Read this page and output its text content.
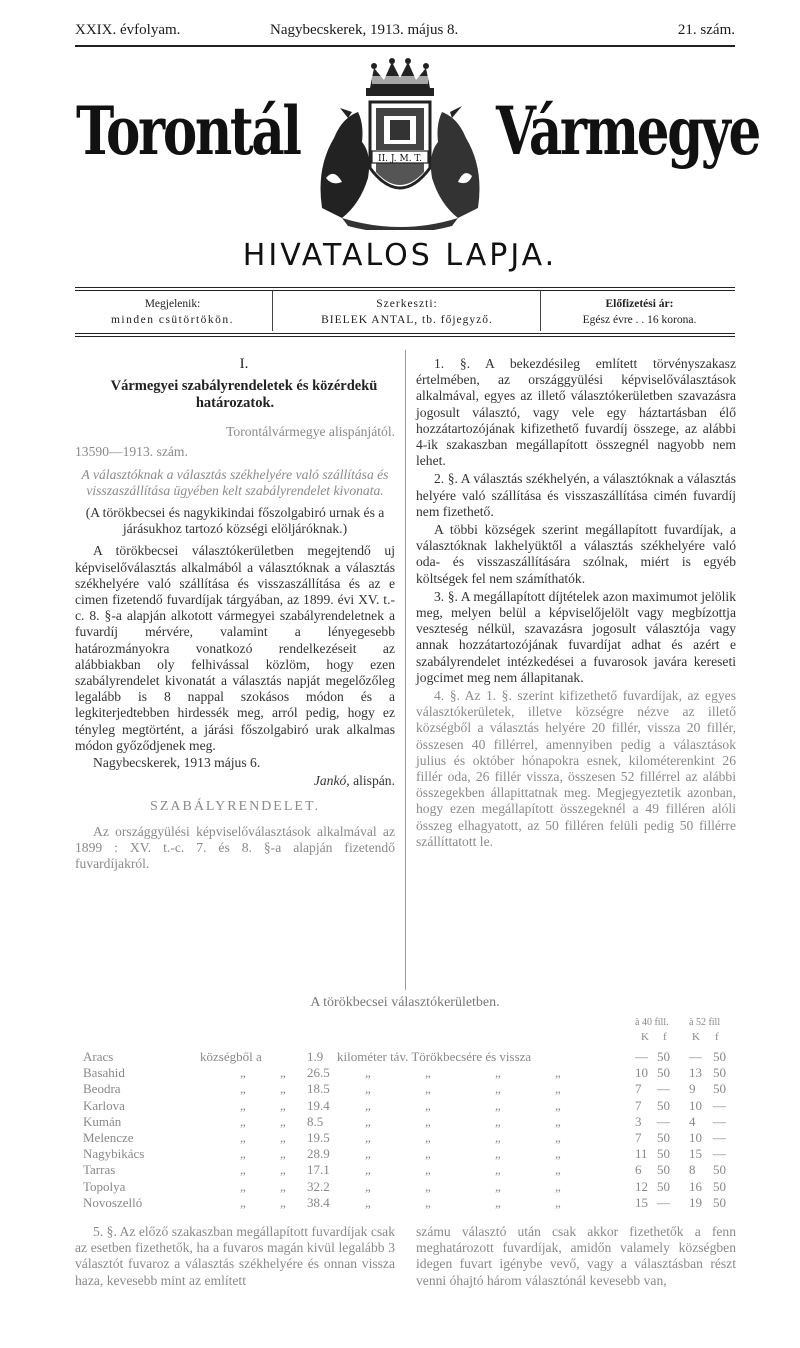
XXIX. évfolyam.	Nagybecskerek, 1913. május 8.	21. szám.
Torontál	Vármegye
II. J. M. T.
HIVATALOS LAPJA.
Megjelenik:
minden csütörtökön.
Szerkeszti:
BIELEK ANTAL, tb. főjegyző.
Előfizetési ár:
Egész évre . . 16 korona.

I.

Vármegyei szabályrendeletek és közérdekü határozatok.

Torontálvármegye alispánjától.

13590—1913. szám.

A választóknak a választás székhelyére való szállítása és visszaszállítása ügyében kelt szabályrendelet kivonata.

(A törökbecsei és nagykikindai főszolgabiró urnak és a járásukhoz tartozó községi elöljáróknak.)

A törökbecsei választókerületben megejtendő uj képviselőválasztás alkalmából a választóknak a választás székhelyére való szállítása és visszaszállítása és az e cimen fizetendő fuvardíjak tárgyában, az 1899. évi XV. t.-c. 8. §-a alapján alkotott vármegyei szabályrendeletnek a fuvardíj mérvére, valamint a lényegesebb határozmányokra vonatkozó rendelkezéseit az alábbiakban oly felhivással közlöm, hogy ezen szabályrendelet kivonatát a választás napját megelőzőleg legalább is 8 nappal szokásos módon és a legkiterjedtebben hirdessék meg, arról pedig, hogy ez tényleg megtörtént, a járási főszolgabiró urak alkalmas módon győződjenek meg.

Nagybecskerek, 1913 május 6.

Jankó, alispán.

SZABÁLYRENDELET.

Az országgyülési képviselőválasztások alkalmával az 1899 : XV. t.-c. 7. és 8. §-a alapján fizetendő fuvardíjakról.

1. §. A bekezdésileg említett törvényszakasz értelmében, az országgyülési képviselőválasztások alkalmával, egyes az illető választókerületben szavazásra jogosult választó, vagy vele egy háztartásban élő hozzátartozójának kifizethető fuvardíj összege, az alábbi 4-ik szakaszban megállapított összegnél nagyobb nem lehet.

2. §. A választás székhelyén, a választóknak a választás helyére való szállítása és visszaszállítása cimén fuvardíj nem fizethető.

A többi községek szerint megállapított fuvardíjak, a választóknak lakhelyüktől a választás székhelyére való oda- és visszaszállítására szólnak, miért is egyéb költségek fel nem számíthatók.

3. §. A megállapított díjtételek azon maximumot jelölik meg, melyen belül a képviselőjelölt vagy megbízottja veszteség nélkül, szavazásra jogosult választója vagy annak hozzátartozójának fuvardíjat adhat és azért e szabályrendelet intézkedései a fuvarosok javára kereseti jogcimet meg nem állapitanak.

4. §. Az 1. §. szerint kifizethető fuvardíjak, az egyes választókerületek, illetve községre nézve az illető községből a választás helyére 20 fillér, vissza 20 fillér, összesen 40 fillérrel, amennyiben pedig a választások julius és október hónapokra esnek, kilométerenkint 26 fillér oda, 26 fillér vissza, összesen 52 fillérrel az alábbi összegekben állapittatnak meg. Megjegyeztetik azonban, hogy ezen megállapított összegeknél a 49 filléren alóli összeg elhagyatott, az 50 filléren felüli pedig 50 fillérre szállíttatott le.

A törökbecsei választókerületben.
à 40 fill. à 52 fill
K f K f
Aracs	községből a	1.9 kilométer táv. Törökbecsére és vissza	— 50 — 50
Basahid	„	„ 26.5	„	„	„	„	10 50 13 50
Beodra	„	„ 18.5	„	„	„	„	7 — 9 50
Karlova	„	„ 19.4	„	„	„	„	7 50 10 —
Kumán	„	„ 8.5	„	„	„	„	3 — 4 —
Melencze	„	„ 19.5	„	„	„	„	7 50 10 —
Nagybikács	„	„ 28.9	„	„	„	„	11 50 15 —
Tarras	„	„ 17.1	„	„	„	„	6 50 8 50
Topolya	„	„ 32.2	„	„	„	„	12 50 16 50
Novoszelló	„	„ 38.4	„	„	„	„	15 — 19 50

5. §. Az előző szakaszban megállapított fuvardíjak csak az esetben fizethetők, ha a fuvaros magán kivül legalább 3 választót fuvaroz a választás székhelyére és onnan vissza haza, kevesebb mint az említett

számu választó után csak akkor fizethetők a fenn meghatározott fuvardíjak, amidőn valamely községben idegen fuvart igénybe vevő, vagy a választásban részt venni óhajtó három választónál kevesebb van,
